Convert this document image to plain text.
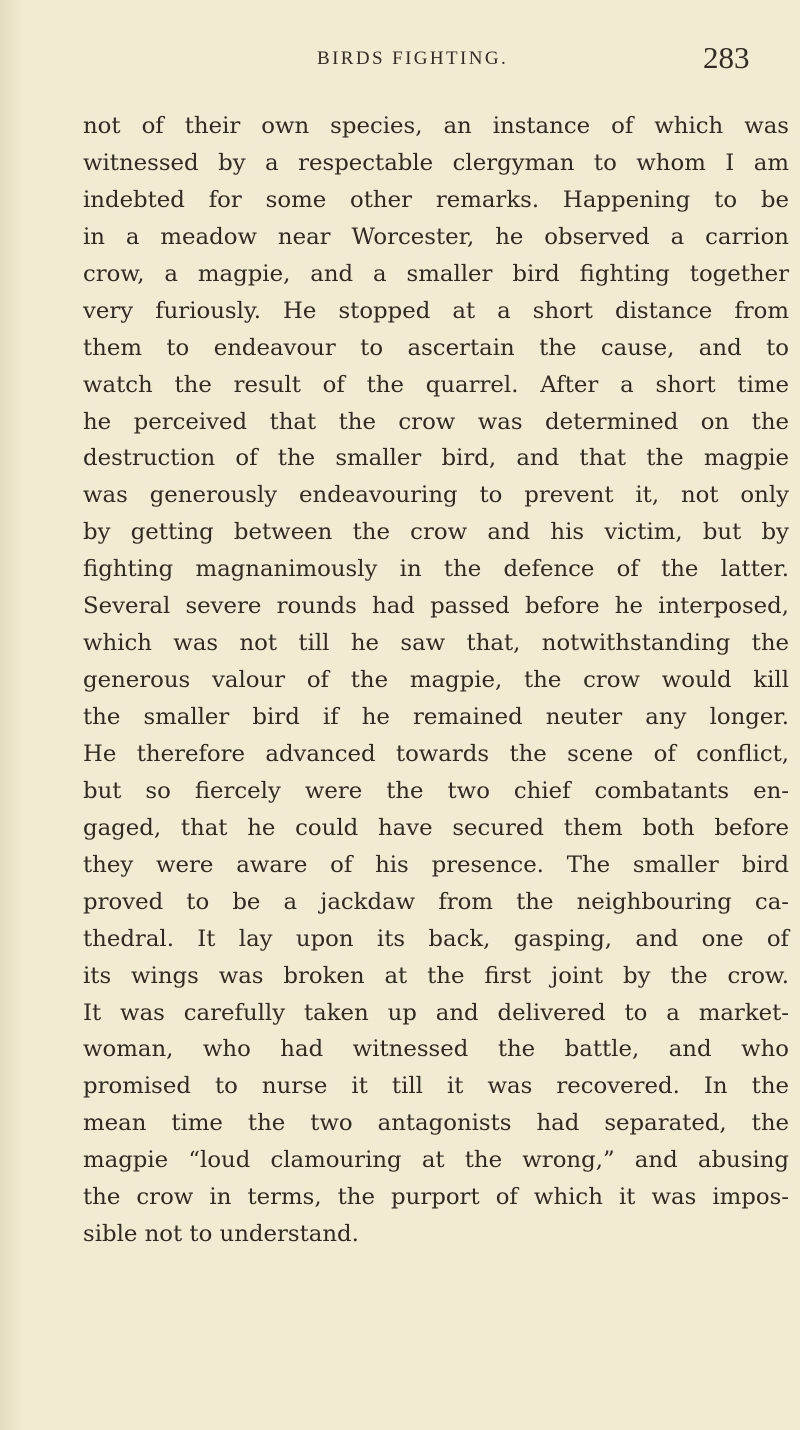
BIRDS FIGHTING.	283
not of their own species, an instance of which was
witnessed by a respectable clergyman to whom I am
indebted for some other remarks. Happening to be
in a meadow near Worcester, he observed a carrion
crow, a magpie, and a smaller bird fighting together
very furiously. He stopped at a short distance from
them to endeavour to ascertain the cause, and to
watch the result of the quarrel. After a short time
he perceived that the crow was determined on the
destruction of the smaller bird, and that the magpie
was generously endeavouring to prevent it, not only
by getting between the crow and his victim, but by
fighting magnanimously in the defence of the latter.
Several severe rounds had passed before he interposed,
which was not till he saw that, notwithstanding the
generous valour of the magpie, the crow would kill
the smaller bird if he remained neuter any longer.
He therefore advanced towards the scene of conflict,
but so fiercely were the two chief combatants en-
gaged, that he could have secured them both before
they were aware of his presence. The smaller bird
proved to be a jackdaw from the neighbouring ca-
thedral. It lay upon its back, gasping, and one of
its wings was broken at the first joint by the crow.
It was carefully taken up and delivered to a market-
woman, who had witnessed the battle, and who
promised to nurse it till it was recovered. In the
mean time the two antagonists had separated, the
magpie “loud clamouring at the wrong,” and abusing
the crow in terms, the purport of which it was impos-
sible not to understand.
